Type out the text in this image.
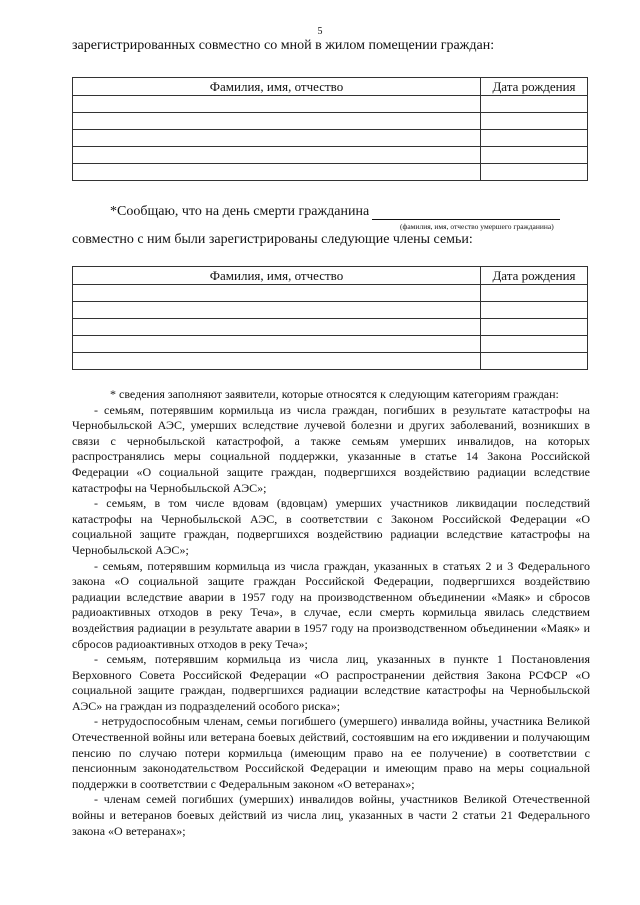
5
зарегистрированных совместно со мной в жилом помещении граждан:
Фамилия, имя, отчество	Дата рождения

*Сообщаю, что на день смерти гражданина
(фамилия, имя, отчество умершего гражданина)
совместно с ним были зарегистрированы следующие члены семьи:
Фамилия, имя, отчество	Дата рождения

* сведения заполняют заявители, которые относятся к следующим категориям граждан:

- семьям, потерявшим кормильца из числа граждан, погибших в результате катастрофы на Чернобыльской АЭС, умерших вследствие лучевой болезни и других заболеваний, возникших в связи с чернобыльской катастрофой, а также семьям умерших инвалидов, на которых распространялись меры социальной поддержки, указанные в статье 14 Закона Российской Федерации «О социальной защите граждан, подвергшихся воздействию радиации вследствие катастрофы на Чернобыльской АЭС»;

- семьям, в том числе вдовам (вдовцам) умерших участников ликвидации последствий катастрофы на Чернобыльской АЭС, в соответствии с Законом Российской Федерации «О социальной защите граждан, подвергшихся воздействию радиации вследствие катастрофы на Чернобыльской АЭС»;

- семьям, потерявшим кормильца из числа граждан, указанных в статьях 2 и 3 Федерального закона «О социальной защите граждан Российской Федерации, подвергшихся воздействию радиации вследствие аварии в 1957 году на производственном объединении «Маяк» и сбросов радиоактивных отходов в реку Теча», в случае, если смерть кормильца явилась следствием воздействия радиации в результате аварии в 1957 году на производственном объединении «Маяк» и сбросов радиоактивных отходов в реку Теча»;

- семьям, потерявшим кормильца из числа лиц, указанных в пункте 1 Постановления Верховного Совета Российской Федерации «О распространении действия Закона РСФСР «О социальной защите граждан, подвергшихся радиации вследствие катастрофы на Чернобыльской АЭС» на граждан из подразделений особого риска»;

- нетрудоспособным членам, семьи погибшего (умершего) инвалида войны, участника Великой Отечественной войны или ветерана боевых действий, состоявшим на его иждивении и получающим пенсию по случаю потери кормильца (имеющим право на ее получение) в соответствии с пенсионным законодательством Российской Федерации и имеющим право на меры социальной поддержки в соответствии с Федеральным законом «О ветеранах»;

- членам семей погибших (умерших) инвалидов войны, участников Великой Отечественной войны и ветеранов боевых действий из числа лиц, указанных в части 2 статьи 21 Федерального закона «О ветеранах»;
